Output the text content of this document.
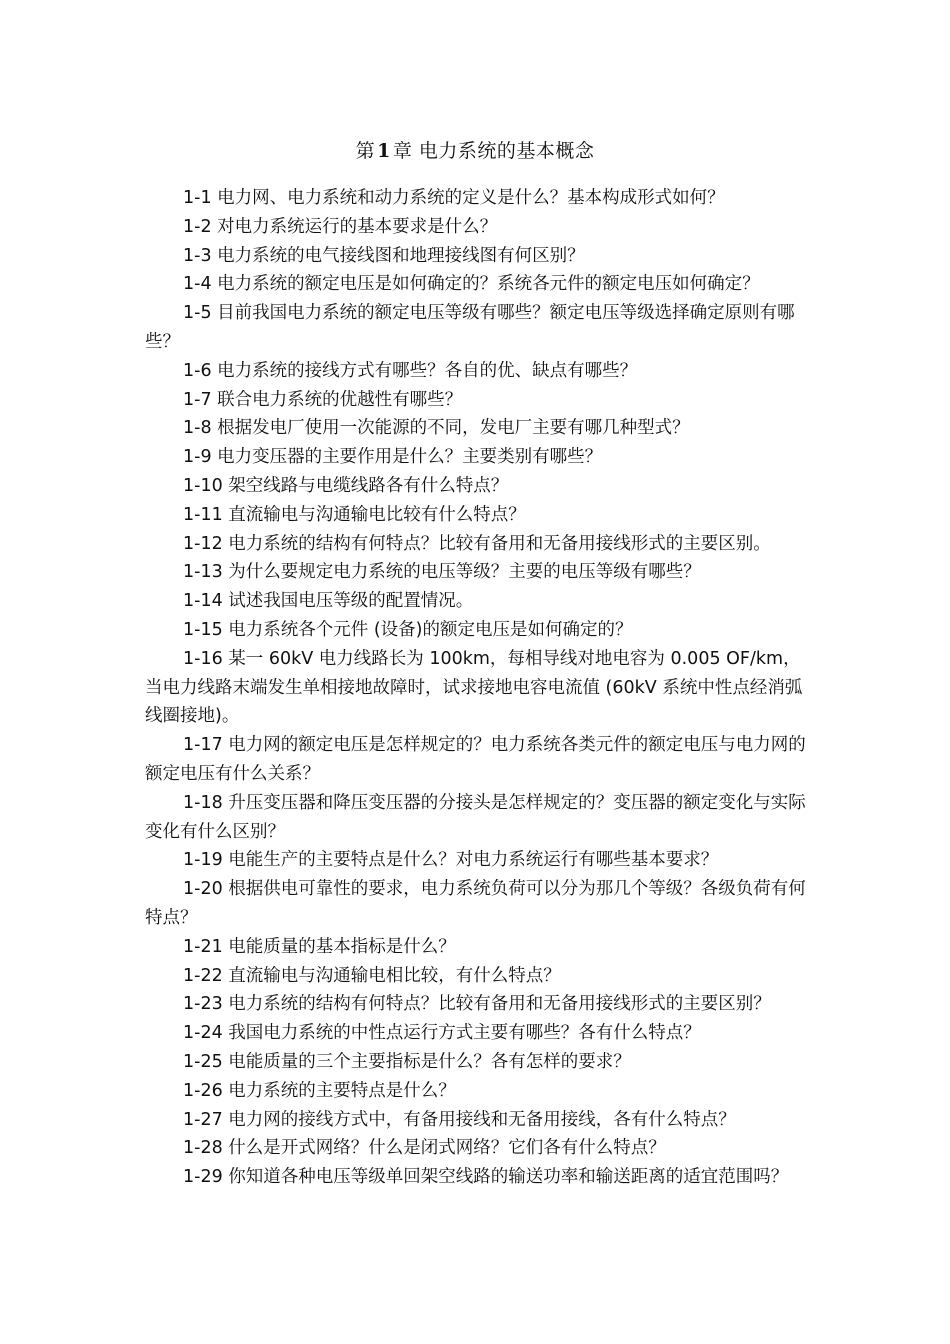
第 1 章 电力系统的基本概念
1-1 电力网、电力系统和动力系统的定义是什么？基本构成形式如何？
1-2 对电力系统运行的基本要求是什么？
1-3 电力系统的电气接线图和地理接线图有何区别？
1-4 电力系统的额定电压是如何确定的？系统各元件的额定电压如何确定？
1-5 目前我国电力系统的额定电压等级有哪些？额定电压等级选择确定原则有哪些？
1-6 电力系统的接线方式有哪些？各自的优、缺点有哪些？
1-7 联合电力系统的优越性有哪些？
1-8 根据发电厂使用一次能源的不同，发电厂主要有哪几种型式？
1-9 电力变压器的主要作用是什么？主要类别有哪些？
1-10 架空线路与电缆线路各有什么特点？
1-11 直流输电与沟通输电比较有什么特点？
1-12 电力系统的结构有何特点？比较有备用和无备用接线形式的主要区别。
1-13 为什么要规定电力系统的电压等级？主要的电压等级有哪些？
1-14 试述我国电压等级的配置情况。
1-15 电力系统各个元件 (设备)的额定电压是如何确定的？
1-16 某一 60kV 电力线路长为 100km，每相导线对地电容为 0.005 OF/km，当电力线路末端发生单相接地故障时，试求接地电容电流值 (60kV 系统中性点经消弧线圈接地)。
1-17 电力网的额定电压是怎样规定的？电力系统各类元件的额定电压与电力网的额定电压有什么关系？
1-18 升压变压器和降压变压器的分接头是怎样规定的？变压器的额定变化与实际变化有什么区别？
1-19 电能生产的主要特点是什么？对电力系统运行有哪些基本要求？
1-20 根据供电可靠性的要求，电力系统负荷可以分为那几个等级？各级负荷有何特点？
1-21 电能质量的基本指标是什么？
1-22 直流输电与沟通输电相比较，有什么特点？
1-23 电力系统的结构有何特点？比较有备用和无备用接线形式的主要区别？
1-24 我国电力系统的中性点运行方式主要有哪些？各有什么特点？
1-25 电能质量的三个主要指标是什么？各有怎样的要求？
1-26 电力系统的主要特点是什么？
1-27 电力网的接线方式中，有备用接线和无备用接线，各有什么特点？
1-28 什么是开式网络？什么是闭式网络？它们各有什么特点？
1-29 你知道各种电压等级单回架空线路的输送功率和输送距离的适宜范围吗？
